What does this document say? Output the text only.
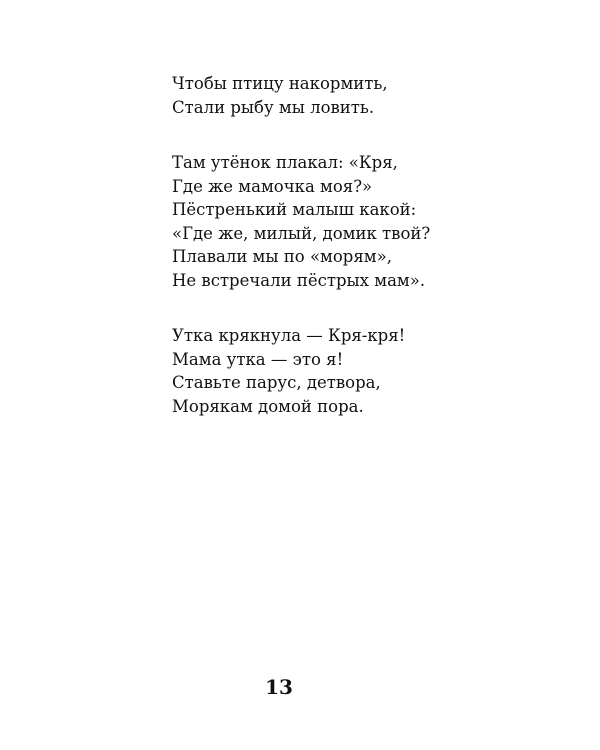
Чтобы птицу накормить,
Стали рыбу мы ловить.
Там утёнок плакал: «Кря,
Где же мамочка моя?»
Пёстренький малыш какой:
«Где же, милый, домик твой?
Плавали мы по «морям»,
Не встречали пёстрых мам».
Утка крякнула — Кря-кря!
Мама утка — это я!
Ставьте парус, детвора,
Морякам домой пора.
13
